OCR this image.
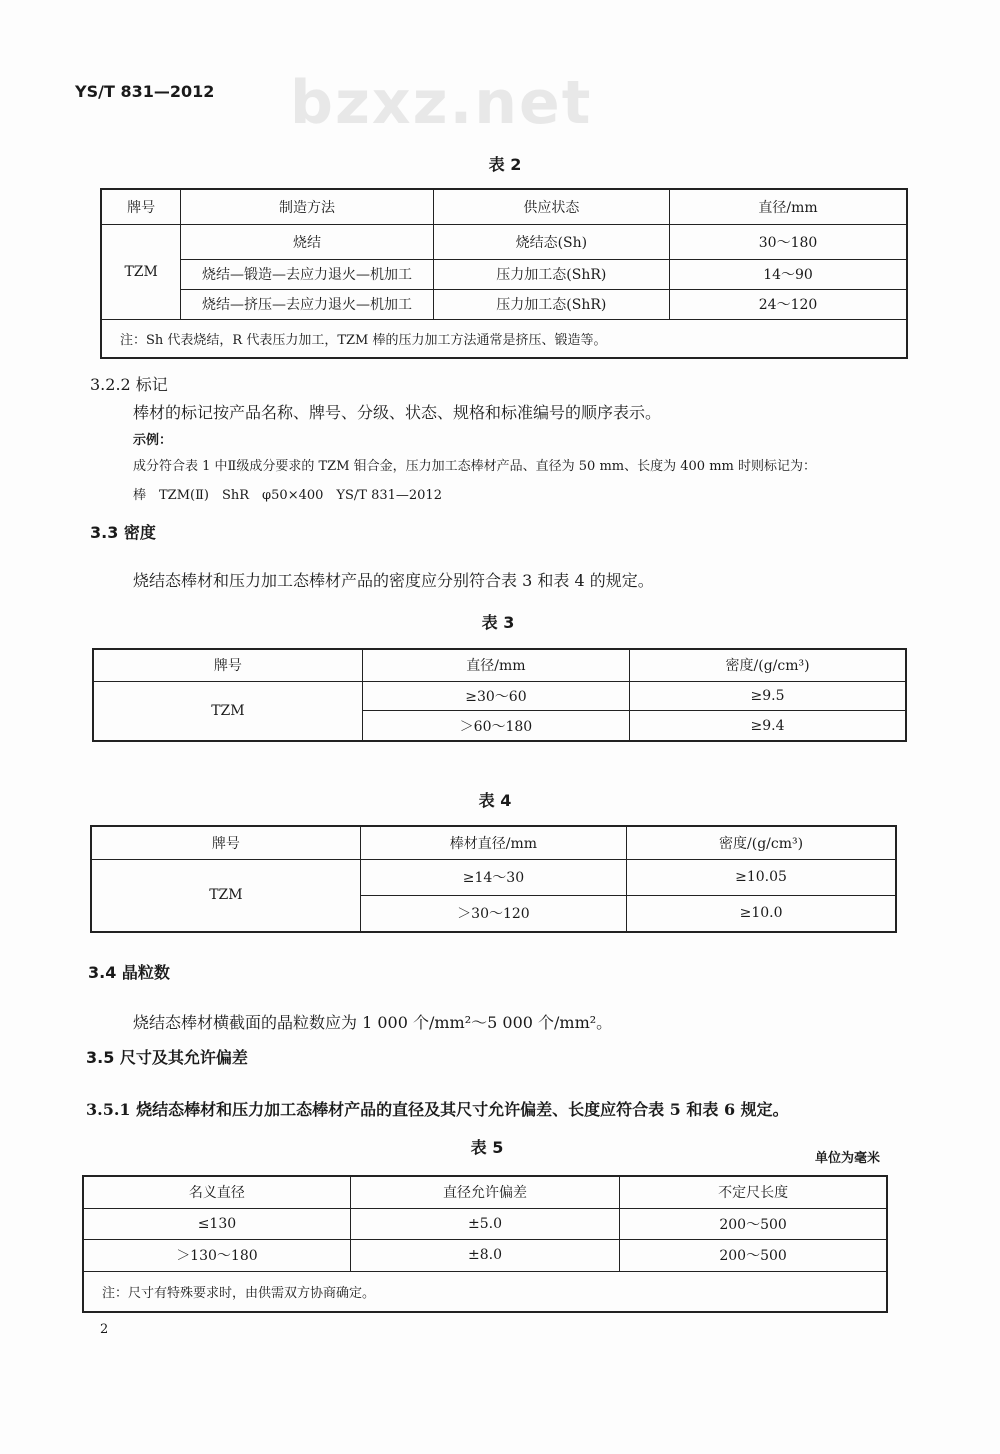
bzxz.net
YS/T 831—2012
表 2
牌号	制造方法	供应状态	直径/mm
TZM	烧结	烧结态(Sh)	30～180
	烧结—锻造—去应力退火—机加工	压力加工态(ShR)	14～90
	烧结—挤压—去应力退火—机加工	压力加工态(ShR)	24～120
注：Sh 代表烧结，R 代表压力加工，TZM 棒的压力加工方法通常是挤压、锻造等。			
3.2.2 标记
棒材的标记按产品名称、牌号、分级、状态、规格和标准编号的顺序表示。
示例：
成分符合表 1 中Ⅱ级成分要求的 TZM 钼合金，压力加工态棒材产品、直径为 50 mm、长度为 400 mm 时则标记为：
棒　TZM(Ⅱ)　ShR　φ50×400　YS/T 831—2012
3.3 密度
烧结态棒材和压力加工态棒材产品的密度应分别符合表 3 和表 4 的规定。
表 3
牌号	直径/mm	密度/(g/cm³)
TZM	≥30～60	≥9.5
	＞60～180	≥9.4
表 4
牌号	棒材直径/mm	密度/(g/cm³)
TZM	≥14～30	≥10.05
	＞30～120	≥10.0
3.4 晶粒数
烧结态棒材横截面的晶粒数应为 1 000 个/mm²～5 000 个/mm²。
3.5 尺寸及其允许偏差
3.5.1 烧结态棒材和压力加工态棒材产品的直径及其尺寸允许偏差、长度应符合表 5 和表 6 规定。
表 5
单位为毫米
名义直径	直径允许偏差	不定尺长度
≤130	±5.0	200～500
＞130～180	±8.0	200～500
注：尺寸有特殊要求时，由供需双方协商确定。		
2
